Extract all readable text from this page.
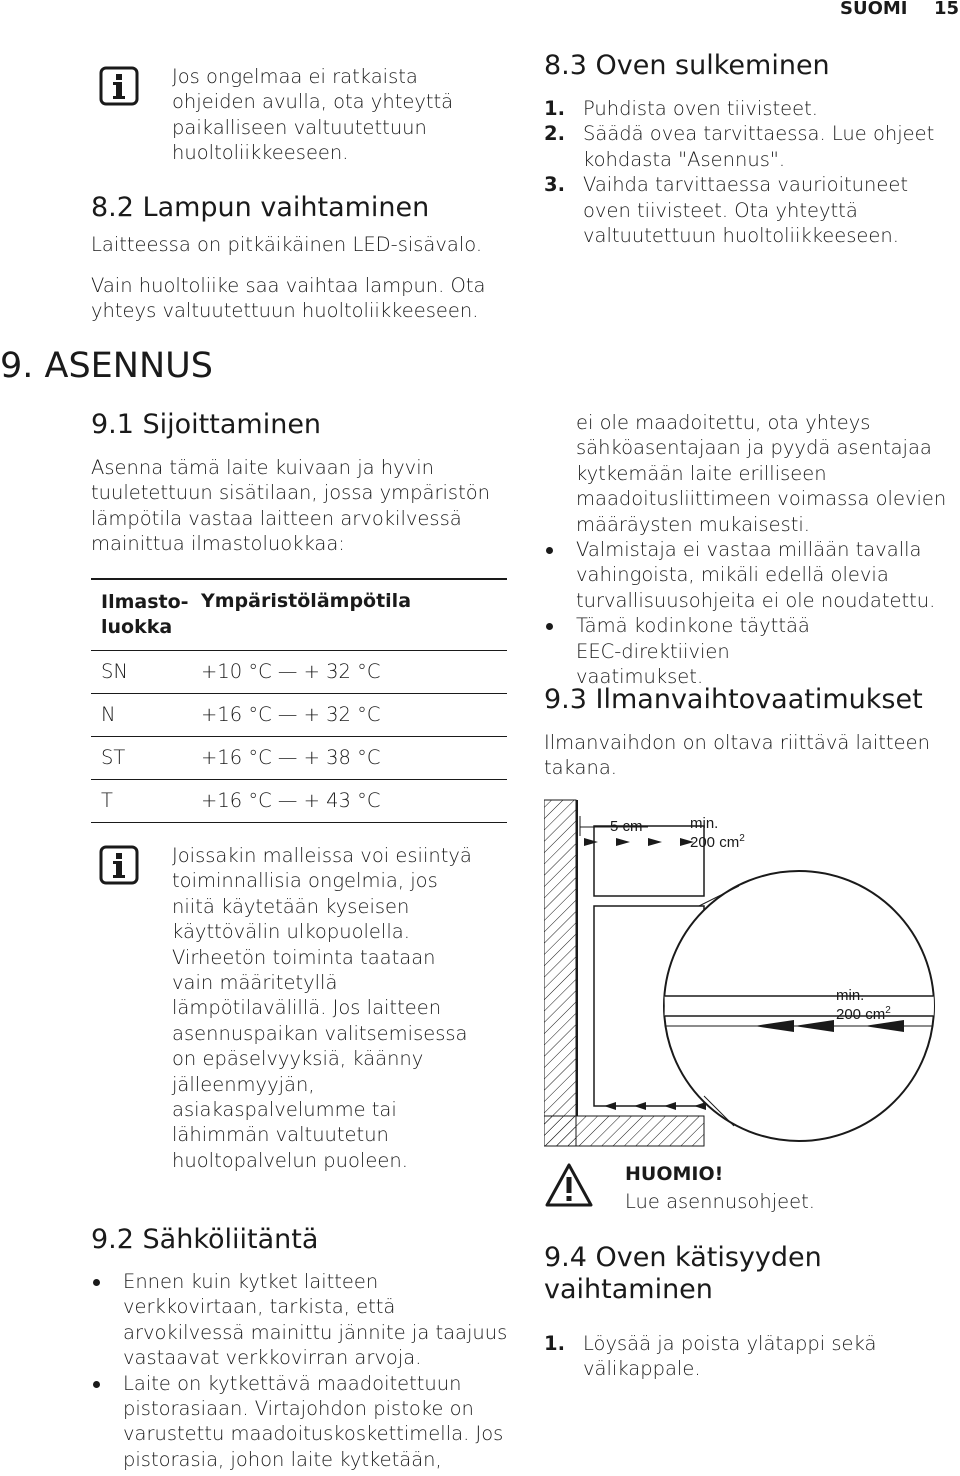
SUOMI 15
Jos ongelmaa ei ratkaista ohjeiden avulla, ota yhteyttä paikalliseen valtuutettuun huoltoliikkeeseen.
8.2 Lampun vaihtaminen
Laitteessa on pitkäikäinen LED-sisävalo.
Vain huoltoliike saa vaihtaa lampun. Ota yhteys valtuutettuun huoltoliikkeeseen.
9. ASENNUS
9.1 Sijoittaminen
Asenna tämä laite kuivaan ja hyvin tuuletettuun sisätilaan, jossa ympäristön lämpötila vastaa laitteen arvokilvessä mainittua ilmastoluokkaa:
Ilmasto- luokka
Ympäristölämpötila
SN	+10 °C — + 32 °C
N	+16 °C — + 32 °C
ST	+16 °C — + 38 °C
T	+16 °C — + 43 °C
Joissakin malleissa voi esiintyä toiminnallisia ongelmia, jos niitä käytetään kyseisen käyttövälin ulkopuolella. Virheetön toiminta taataan vain määritetyllä lämpötilavälillä. Jos laitteen asennuspaikan valitsemisessa on epäselvyyksiä, käänny jälleenmyyjän, asiakaspalvelumme tai lähimmän valtuutetun huoltopalvelun puoleen.
9.2 Sähköliitäntä
Ennen kuin kytket laitteen verkkovirtaan, tarkista, että arvokilvessä mainittu jännite ja taajuus vastaavat verkkovirran arvoja.
Laite on kytkettävä maadoitettuun pistorasiaan. Virtajohdon pistoke on varustettu maadoituskoskettimella. Jos pistorasia, johon laite kytketään,
8.3 Oven sulkeminen
1. Puhdista oven tiivisteet.
2. Säädä ovea tarvittaessa. Lue ohjeet kohdasta "Asennus".
3. Vaihda tarvittaessa vaurioituneet oven tiivisteet. Ota yhteyttä valtuutettuun huoltoliikkeeseen.
ei ole maadoitettu, ota yhteys sähköasentajaan ja pyydä asentajaa kytkemään laite erilliseen maadoitusliittimeen voimassa olevien määräysten mukaisesti.
Valmistaja ei vastaa millään tavalla vahingoista, mikäli edellä olevia turvallisuusohjeita ei ole noudatettu.
Tämä kodinkone täyttää EEC-direktiivien vaatimukset.
9.3 Ilmanvaihtovaatimukset
Ilmanvaihdon on oltava riittävä laitteen takana.
5 cm	min.
200 $cm^2$
min.
200 $cm^2$
HUOMIO!
Lue asennusohjeet.
9.4 Oven kätisyyden vaihtaminen
1. Löysää ja poista ylätappi sekä välikappale.
